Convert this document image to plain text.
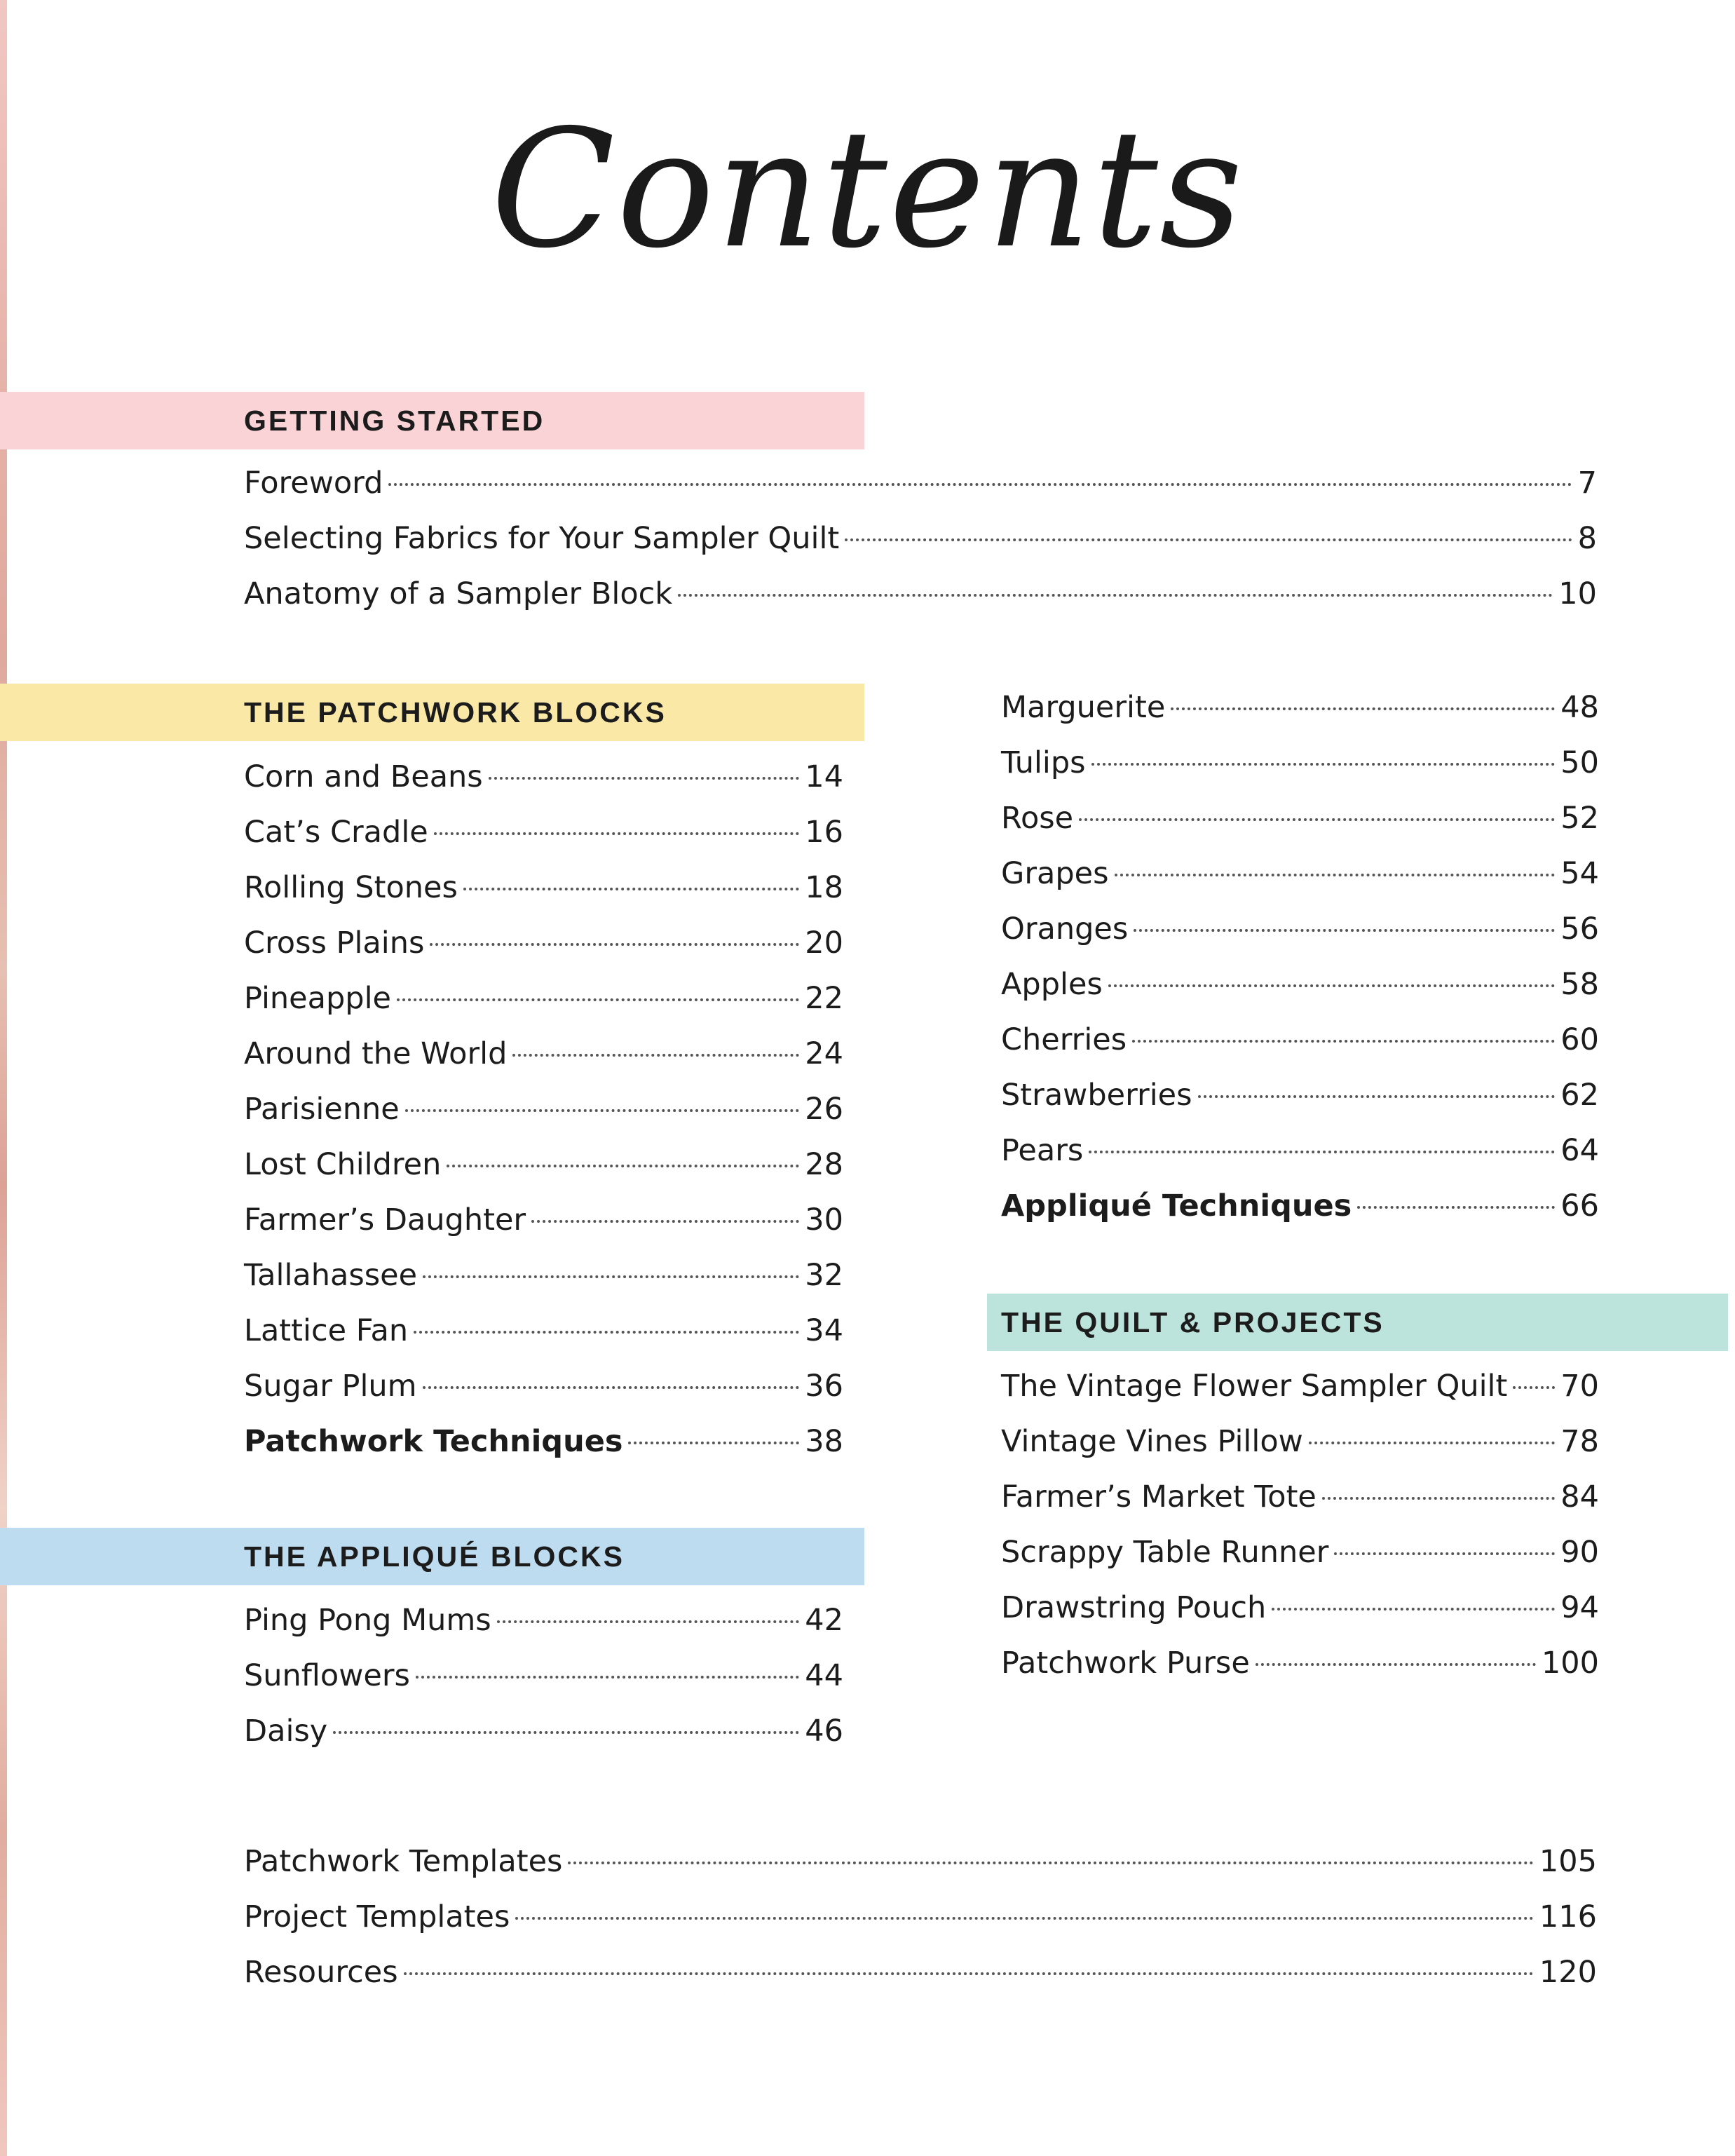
Contents
GETTING STARTED
Foreword	7
Selecting Fabrics for Your Sampler Quilt	8
Anatomy of a Sampler Block	10
THE PATCHWORK BLOCKS
Corn and Beans	14
Cat’s Cradle	16
Rolling Stones	18
Cross Plains	20
Pineapple	22
Around the World	24
Parisienne	26
Lost Children	28
Farmer’s Daughter	30
Tallahassee	32
Lattice Fan	34
Sugar Plum	36
Patchwork Techniques	38
THE APPLIQUÉ BLOCKS
Ping Pong Mums	42
Sunflowers	44
Daisy	46
Marguerite	48
Tulips	50
Rose	52
Grapes	54
Oranges	56
Apples	58
Cherries	60
Strawberries	62
Pears	64
Appliqué Techniques	66
THE QUILT & PROJECTS
The Vintage Flower Sampler Quilt 70
Vintage Vines Pillow	78
Farmer’s Market Tote	84
Scrappy Table Runner	90
Drawstring Pouch	94
Patchwork Purse	100
Patchwork Templates	105
Project Templates	116
Resources	120
